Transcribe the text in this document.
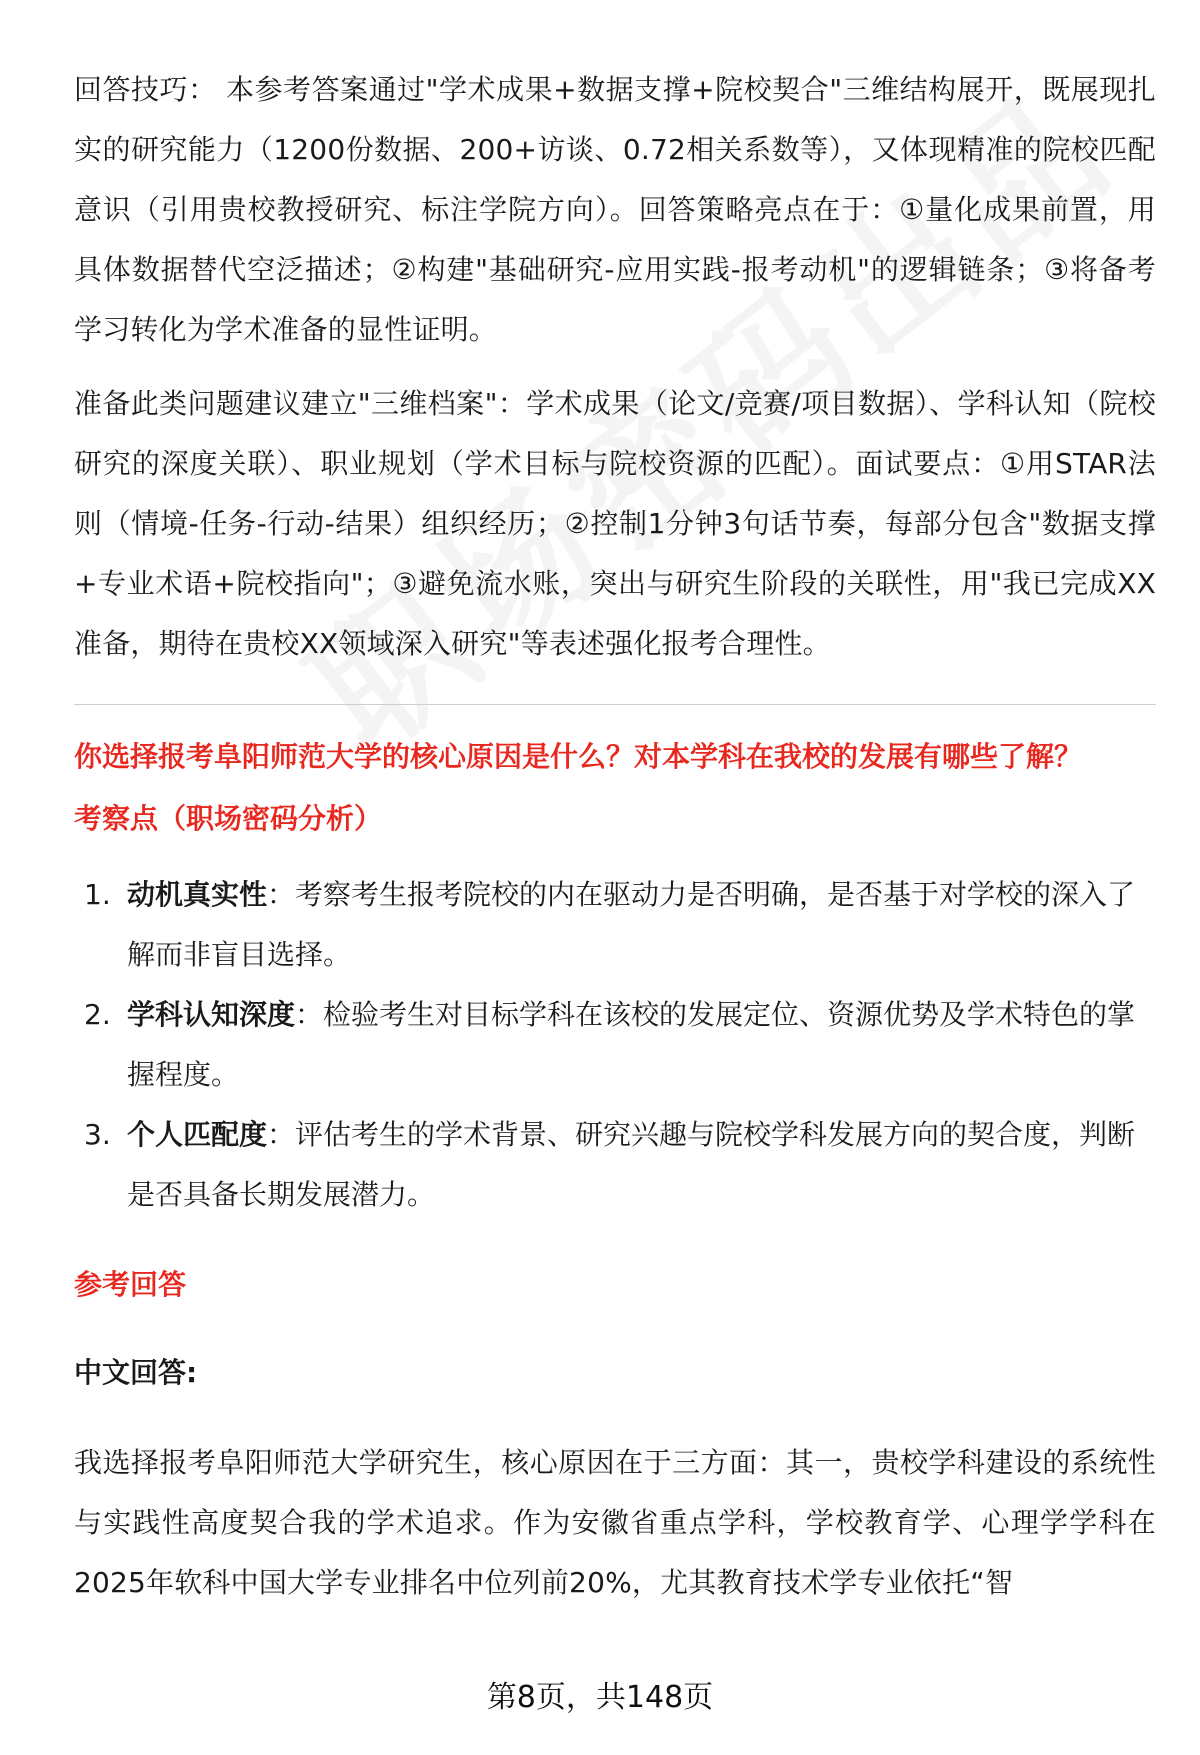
回答技巧： 本参考答案通过"学术成果+数据支撑+院校契合"三维结构展开，既展现扎实的研究能力（1200份数据、200+访谈、0.72相关系数等），又体现精准的院校匹配意识（引用贵校教授研究、标注学院方向）。回答策略亮点在于：①量化成果前置，用具体数据替代空泛描述；②构建"基础研究-应用实践-报考动机"的逻辑链条；③将备考学习转化为学术准备的显性证明。

准备此类问题建议建立"三维档案"：学术成果（论文/竞赛/项目数据）、学科认知（院校研究的深度关联）、职业规划（学术目标与院校资源的匹配）。面试要点：①用STAR法则（情境-任务-行动-结果）组织经历；②控制1分钟3句话节奏，每部分包含"数据支撑+专业术语+院校指向"；③避免流水账，突出与研究生阶段的关联性，用"我已完成XX准备，期待在贵校XX领域深入研究"等表述强化报考合理性。

你选择报考阜阳师范大学的核心原因是什么？对本学科在我校的发展有哪些了解？

考察点（职场密码分析）

1. 动机真实性：考察考生报考院校的内在驱动力是否明确，是否基于对学校的深入了解而非盲目选择。
2. 学科认知深度：检验考生对目标学科在该校的发展定位、资源优势及学术特色的掌握程度。
3. 个人匹配度：评估考生的学术背景、研究兴趣与院校学科发展方向的契合度，判断是否具备长期发展潜力。

参考回答

中文回答:

我选择报考阜阳师范大学研究生，核心原因在于三方面：其一，贵校学科建设的系统性与实践性高度契合我的学术追求。作为安徽省重点学科，学校教育学、心理学学科在2025年软科中国大学专业排名中位列前20%，尤其教育技术学专业依托“智

第8页，共148页
